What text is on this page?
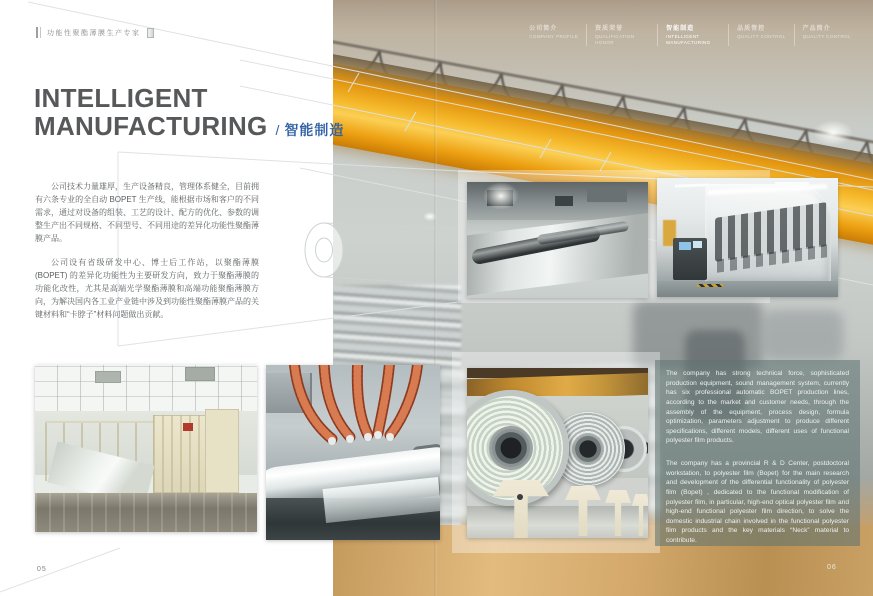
The company has strong technical force, sophisticated production equipment, sound management system, currently has six professional automatic BOPET production lines, according to the market and customer needs, through the assembly of the equipment, process design, formula optimization, parameters adjustment to produce different specifications, different models, different uses of functional polyester film products.

The company has a provincial R & D Center, postdoctoral workstation, to polyester film (Bopet) for the main research and development of the differential functionality of polyester film (Bopet) , dedicated to the functional modification of polyester film, in particular, high-end optical polyester film and high-end functional polyester film direction, to solve the domestic industrial chain involved in the functional polyester film products and the key materials “Neck” material to contribute.

功能性聚酯薄膜生产专家
公司简介
COMPANY PROFILE
资质荣誉
QUALIFICATION HONOR
智能制造
INTELLIGENT MANUFACTURING
品质管控
QUALITY CONTROL
产品简介
QUALITY CONTROL
INTELLIGENT
MANUFACTURING / 智能制造

公司技术力量雄厚，生产设备精良，管理体系健全，目前拥有六条专业的全自动 BOPET 生产线，能根据市场和客户的不同需求，通过对设备的组装、工艺的设计、配方的优化、参数的调整生产出不同规格、不同型号、不同用途的差异化功能性聚酯薄膜产品。

公司设有省级研发中心、博士后工作站，以聚酯薄膜 (BOPET) 的差异化功能性为主要研发方向，致力于聚酯薄膜的功能化改性，尤其是高端光学聚酯薄膜和高端功能聚酯薄膜方向，为解决国内各工业产业链中涉及到功能性聚酯薄膜产品的关键材料和“卡脖子”材料问题做出贡献。

05	06
